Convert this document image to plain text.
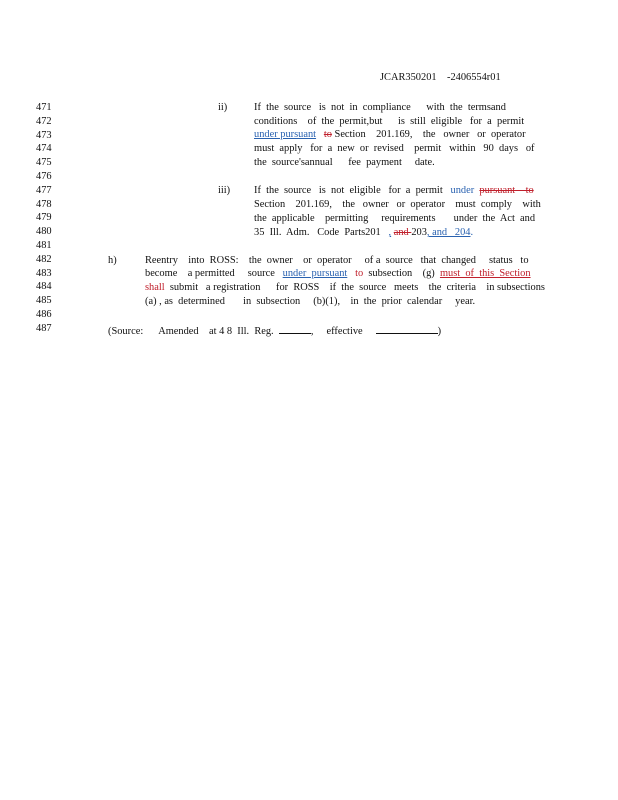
JCAR350201 -2406554r01
471
472
473
474
475
476
477
478
479
480
481
482
483
484
485
486
487
ii)	If  the  source   is  not  in  compliance      with  the  termsand
conditions    of  the  permit,but      is  still  eligible   for  a  permit
under pursuant to Section    201.169,    the   owner   or  operator
must  apply   for  a  new  or  revised    permit   within   90  days   of
the  source'sannual      fee  payment     date.
iii) If  the  source   is  not  eligible   for  a  permit   under pursuant    to
Section    201.169,    the   owner   or  operator    must  comply    with
the  applicable    permitting     requirements       under  the  Act  and
35  Ill.  Adm.   Code  Parts201   , and 203, and   204.
h)	Reentry    into  ROSS:    the  owner    or  operator     of a  source   that  changed     status   to
become    a permitted     source   under  pursuant to  subsection    (g)  must  of  this  Section
shall  submit   a registration      for  ROSS    if  the  source   meets    the  criteria    in subsections
(a) , as  determined       in  subsection     (b)(1),    in  the  prior  calendar     year.
(Source: Amended at 4 8  Ill.  Reg.	, effective	)
